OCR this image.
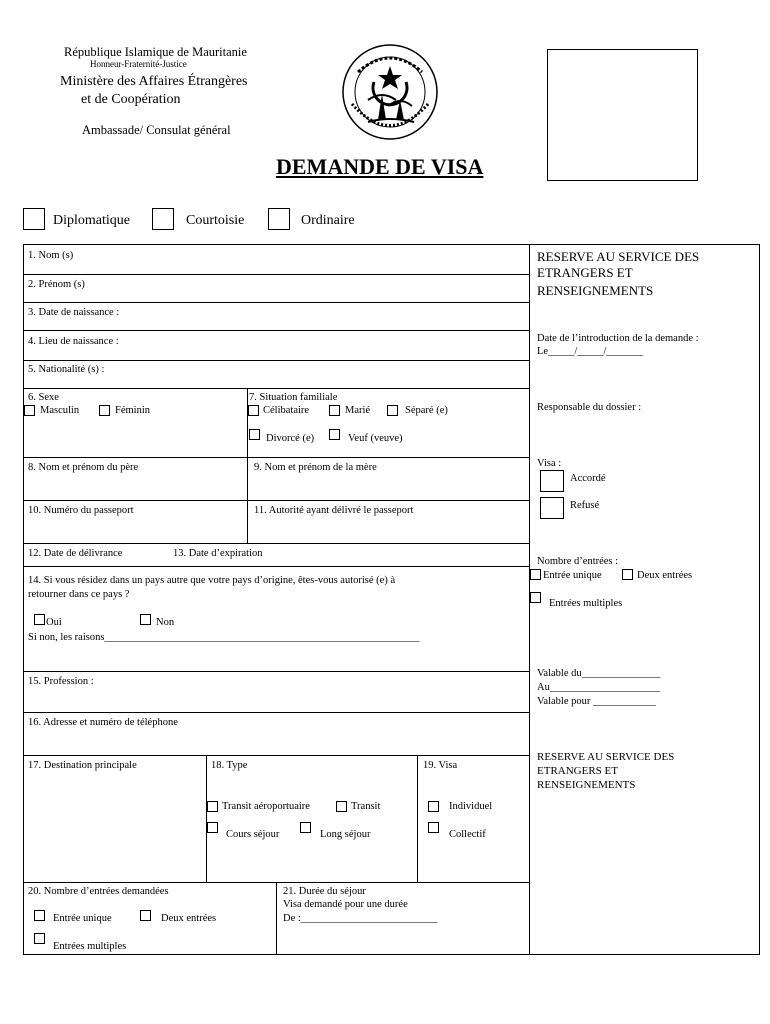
République Islamique de Mauritanie
Honneur-Fraternité-Justice
Ministère des Affaires Étrangères
et de Coopération
Ambassade/ Consulat général
DEMANDE DE VISA
Diplomatique	Courtoisie	Ordinaire
1. Nom (s)
2. Prénom (s)
3. Date de naissance :
4. Lieu de naissance :
5. Nationalité (s) :
6. Sexe
Masculin	Féminin
7. Situation familiale
Célibataire	Marié	Séparé (e)
Divorcé (e)	Veuf (veuve)
8. Nom et prénom du père	9. Nom et prénom de la mère
10. Numéro du passeport	11. Autorité ayant délivré le passeport
12. Date de délivrance	13. Date d’expiration
14. Si vous résidez dans un pays autre que votre pays d’origine, êtes-vous autorisé (e) à
retourner dans ce pays ?
Oui	Non
Si non, les raisons____________________________________________________________
15. Profession :
16. Adresse et numéro de téléphone
17. Destination principale	18. Type	19. Visa
Transit aéroportuaire	Transit	Individuel
Cours séjour	Long séjour	Collectif
20. Nombre d’entrées demandées
Entrée unique	Deux entrées
Entrées multiples
21. Durée du séjour
Visa demandé pour une durée
De :__________________________
RESERVE AU SERVICE DES
ETRANGERS ET
RENSEIGNEMENTS
Date de l’introduction de la demande :
Le_____/_____/_______
Responsable du dossier :
Visa :
Accordé
Refusé
Nombre d’entrées :
Entrée unique	Deux entrées
Entrées multiples
Valable du_______________
Au_____________________
Valable pour ____________
RESERVE AU SERVICE DES
ETRANGERS ET
RENSEIGNEMENTS
